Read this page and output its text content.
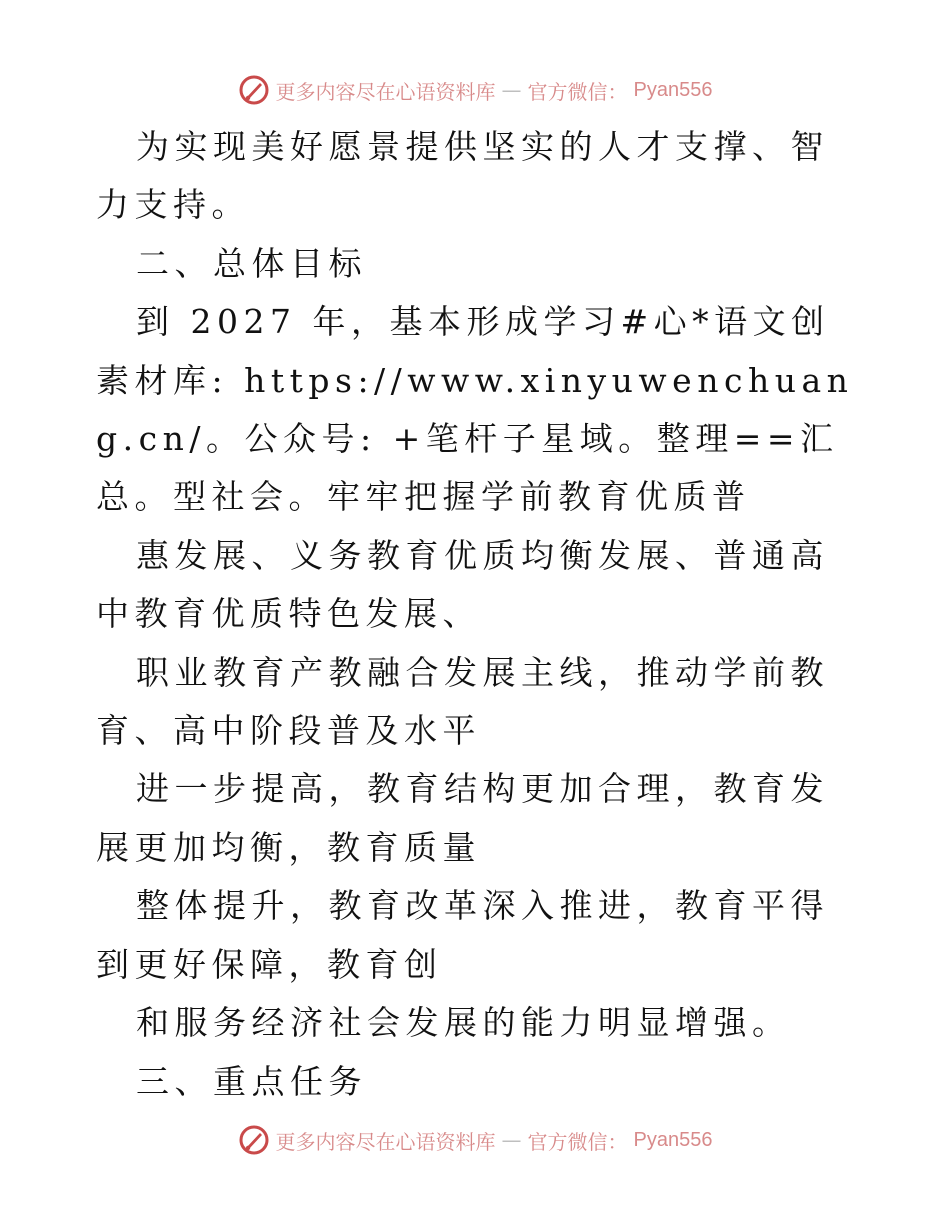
更多内容尽在心语资料库 — 官方微信： Pyan556

为实现美好愿景提供坚实的人才支撑、智力支持。

二、总体目标

到 2027 年，基本形成学习#心*语文创素材库: https://www.xinyuwenchuang.cn/。公众号: +笔杆子星域。整理==汇总。型社会。牢牢把握学前教育优质普

惠发展、义务教育优质均衡发展、普通高中教育优质特色发展、

职业教育产教融合发展主线，推动学前教育、高中阶段普及水平

进一步提高，教育结构更加合理，教育发展更加均衡，教育质量

整体提升，教育改革深入推进，教育平得到更好保障，教育创

和服务经济社会发展的能力明显增强。

三、重点任务

更多内容尽在心语资料库 — 官方微信： Pyan556
